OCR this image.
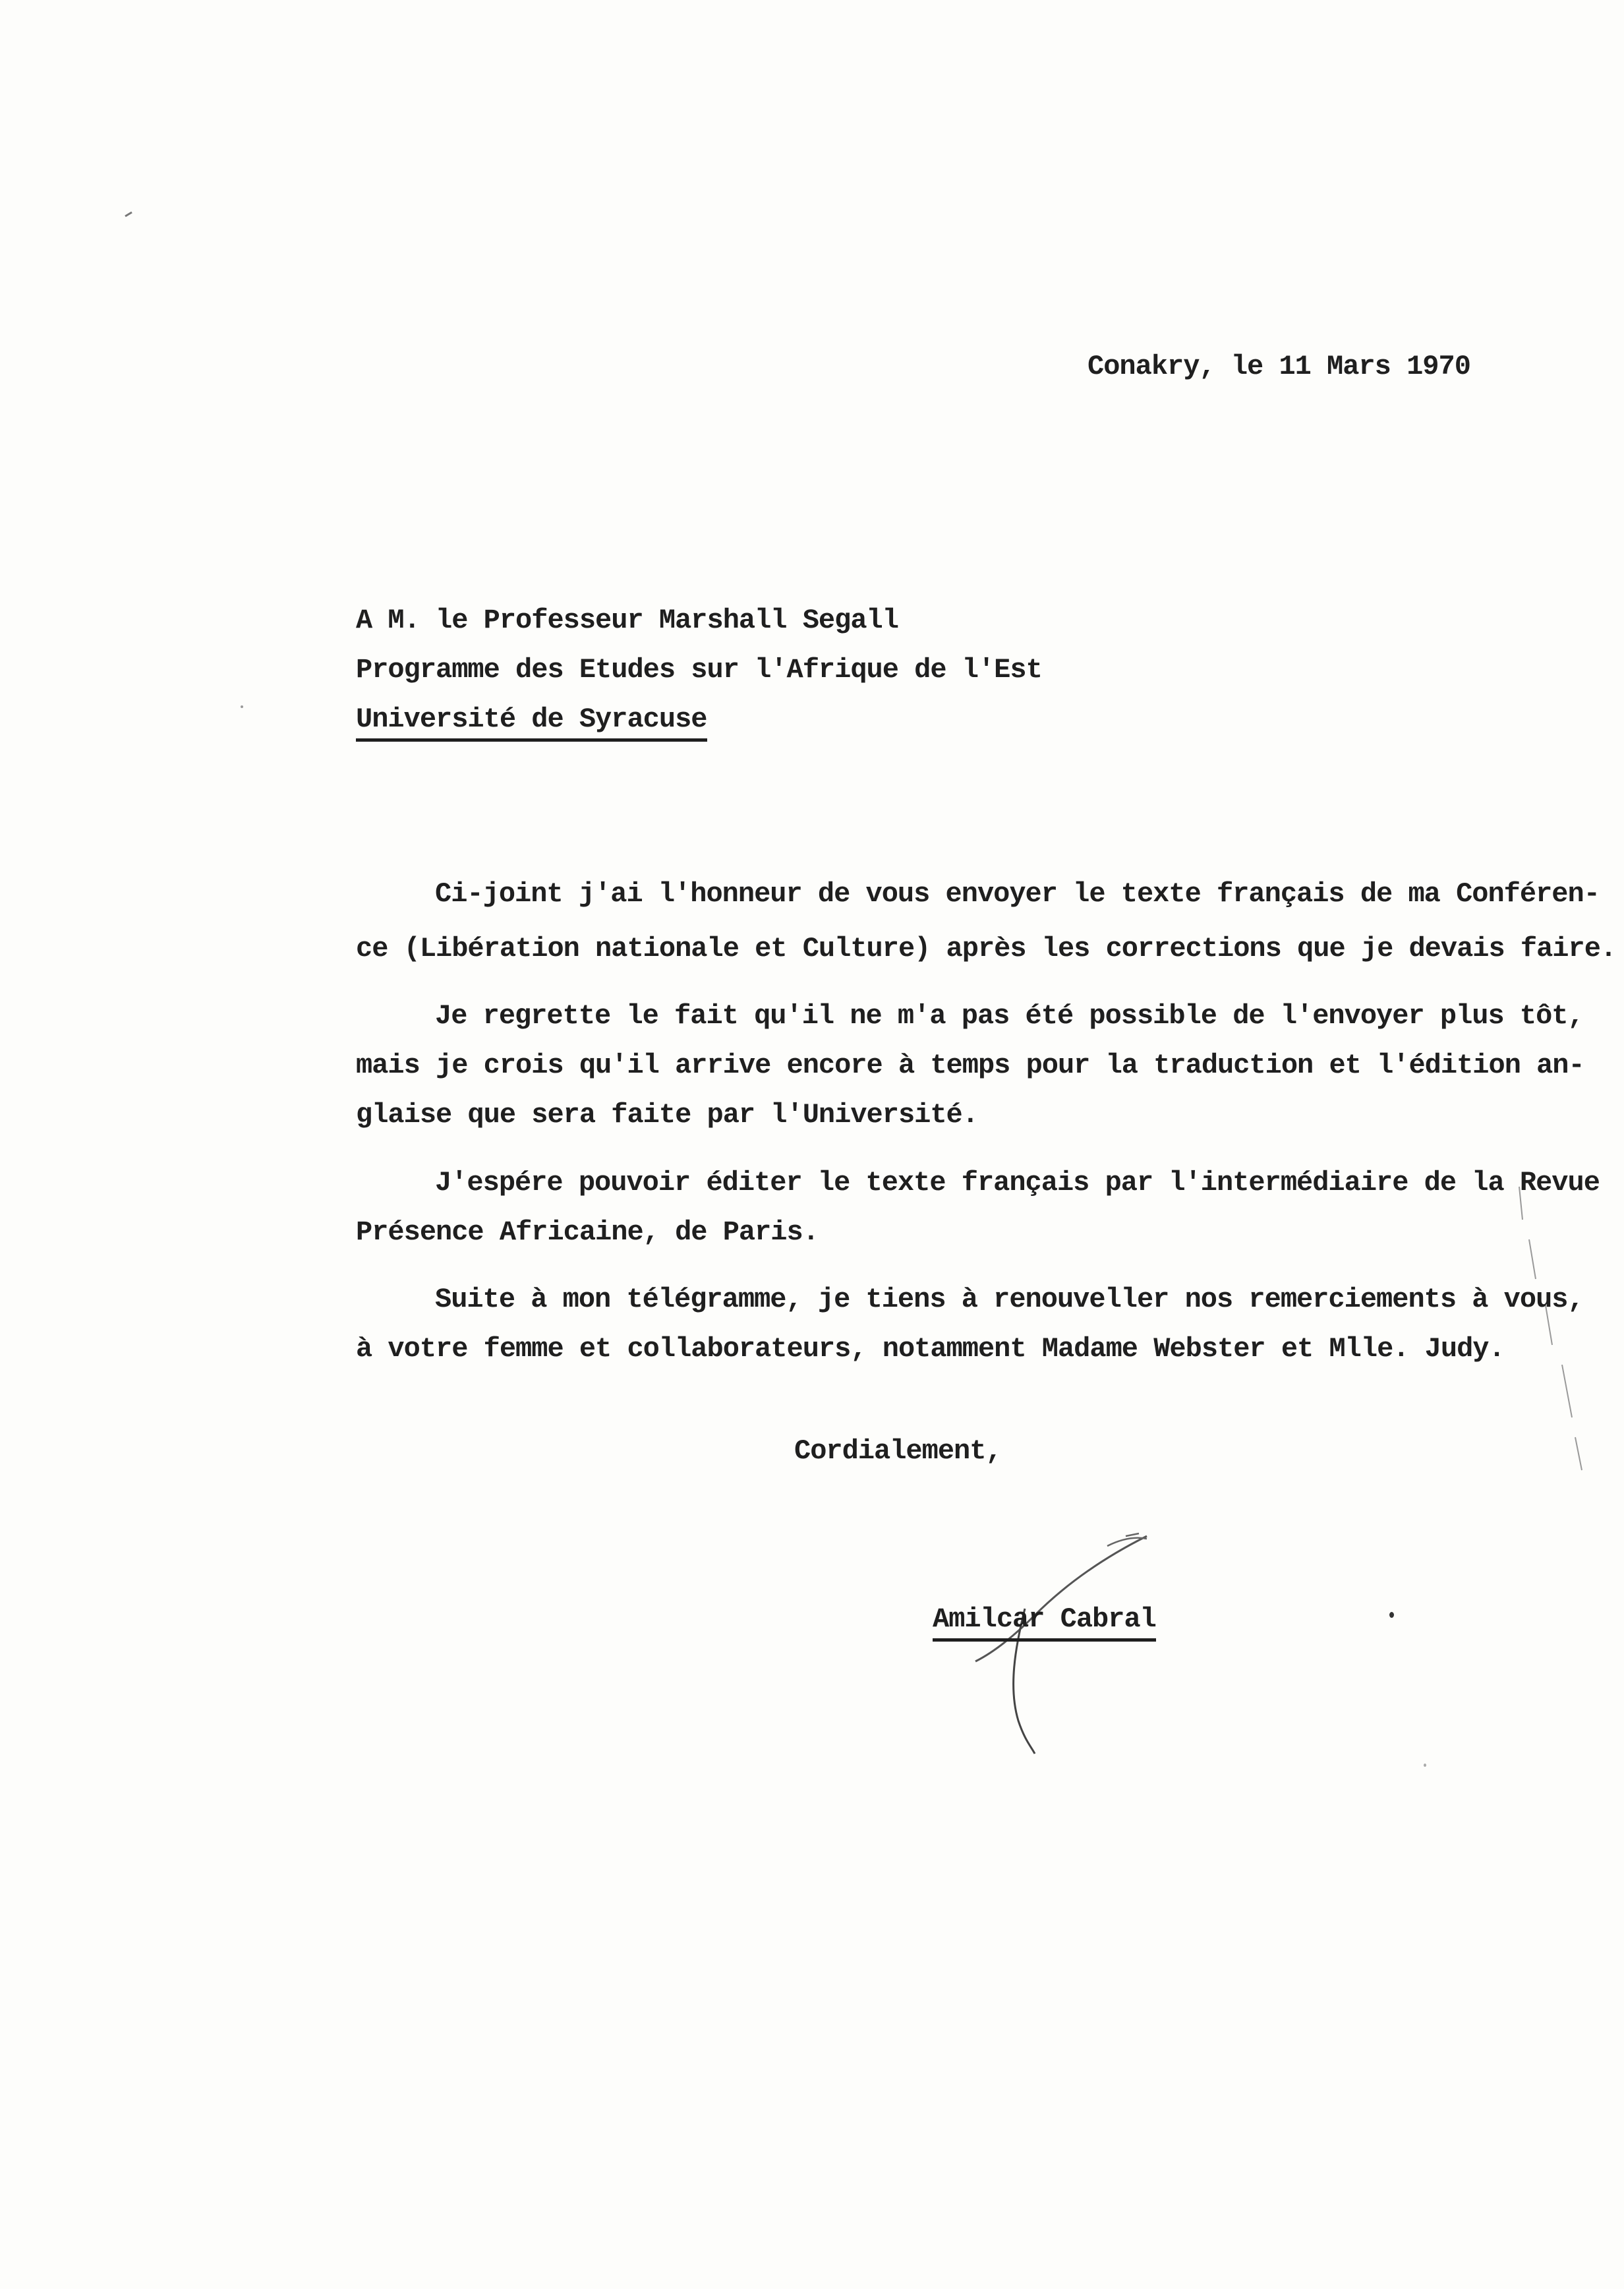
Conakry, le 11 Mars 1970
A M. le Professeur Marshall Segall
Programme des Etudes sur l'Afrique de l'Est
Université de Syracuse
Ci-joint j'ai l'honneur de vous envoyer le texte français de ma Conféren-
ce (Libération nationale et Culture) après les corrections que je devais faire.
Je regrette le fait qu'il ne m'a pas été possible de l'envoyer plus tôt,
mais je crois qu'il arrive encore à temps pour la traduction et l'édition an-
glaise que sera faite par l'Université.
J'espére pouvoir éditer le texte français par l'intermédiaire de la Revue
Présence Africaine, de Paris.
Suite à mon télégramme, je tiens à renouveller nos remerciements à vous,
à votre femme et collaborateurs, notamment Madame Webster et Mlle. Judy.
Cordialement,
Amilcar Cabral
